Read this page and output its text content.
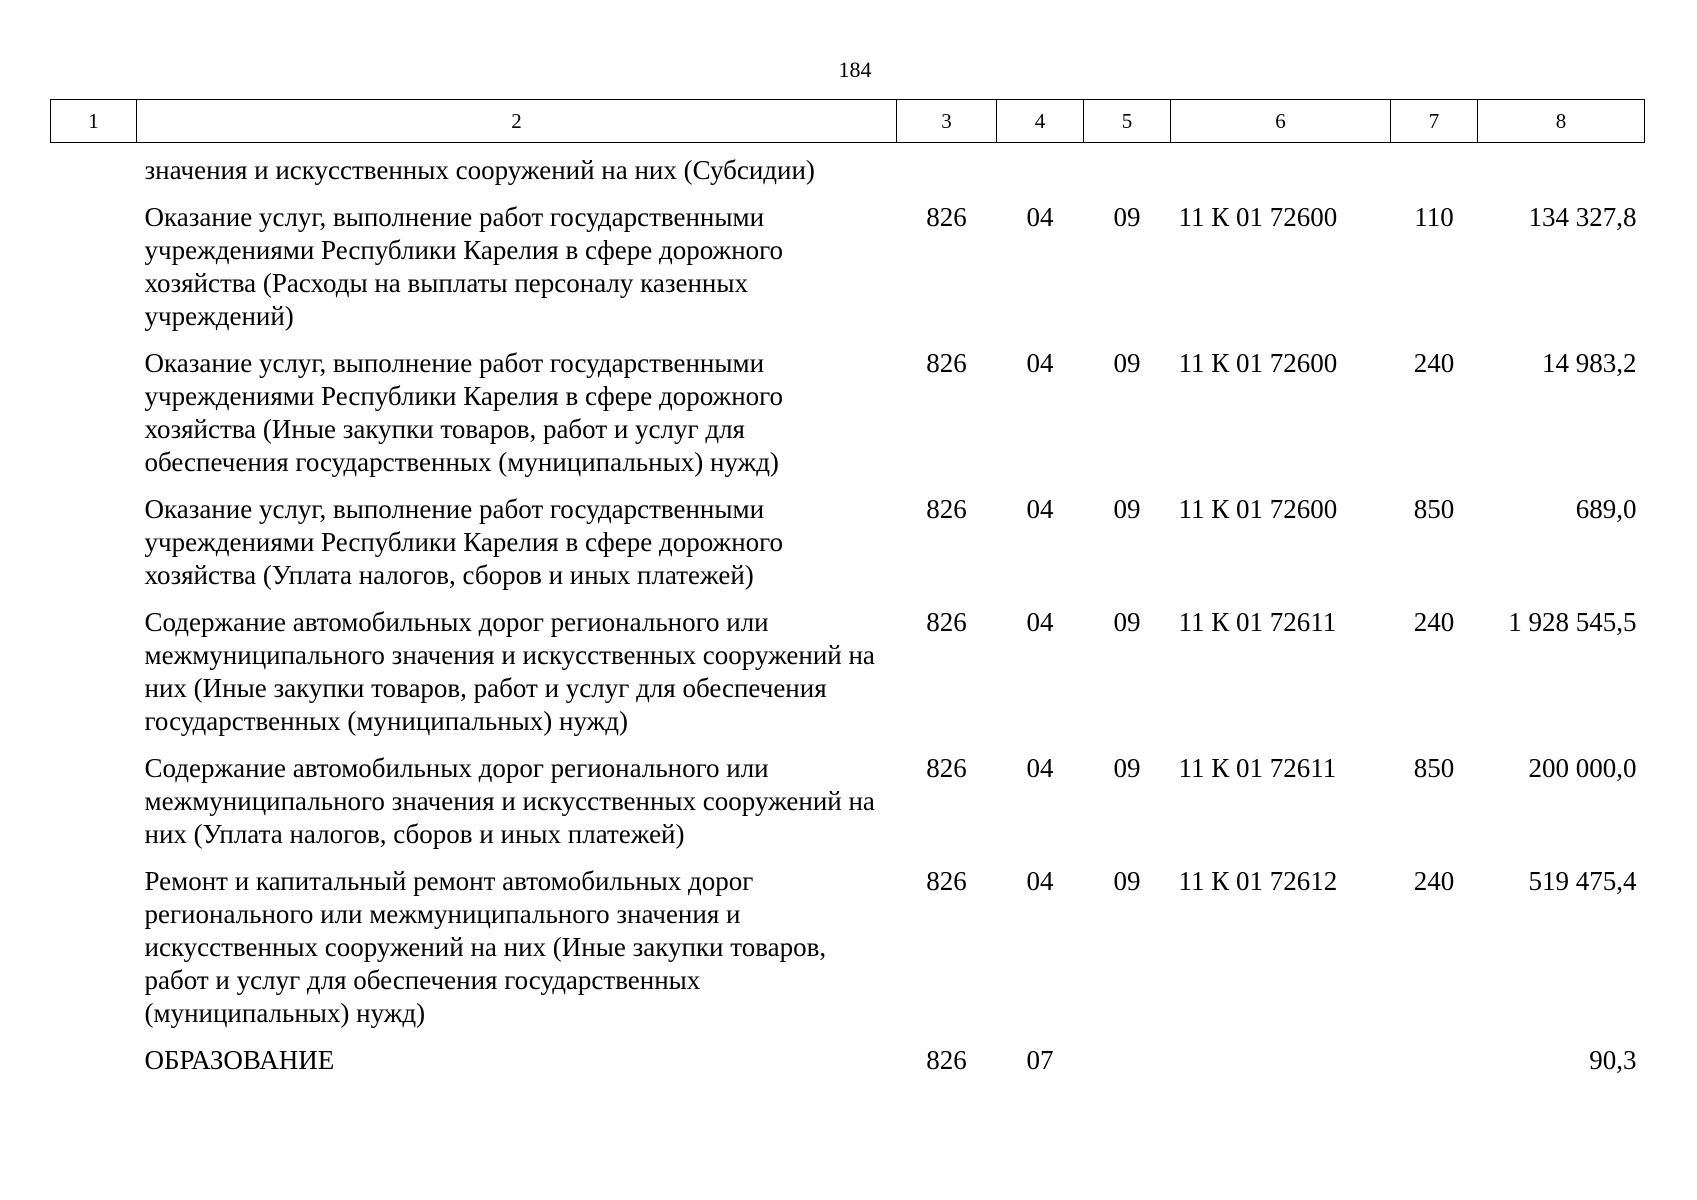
184
1	2	3	4	5	6	7	8
	значения и искусственных сооружений на них (Субсидии)						
	Оказание услуг, выполнение работ государственными учреждениями Республики Карелия в сфере дорожного хозяйства (Расходы на выплаты персоналу казенных учреждений)	826	04	09	11 К 01 72600	110	134 327,8
	Оказание услуг, выполнение работ государственными учреждениями Республики Карелия в сфере дорожного хозяйства (Иные закупки товаров, работ и услуг для обеспечения государственных (муниципальных) нужд)	826	04	09	11 К 01 72600	240	14 983,2
	Оказание услуг, выполнение работ государственными учреждениями Республики Карелия в сфере дорожного хозяйства (Уплата налогов, сборов и иных платежей)	826	04	09	11 К 01 72600	850	689,0
	Содержание автомобильных дорог регионального или межмуниципального значения и искусственных сооружений на них (Иные закупки товаров, работ и услуг для обеспечения государственных (муниципальных) нужд)	826	04	09	11 К 01 72611	240	1 928 545,5
	Содержание автомобильных дорог регионального или межмуниципального значения и искусственных сооружений на них (Уплата налогов, сборов и иных платежей)	826	04	09	11 К 01 72611	850	200 000,0
	Ремонт и капитальный ремонт автомобильных дорог регионального или межмуниципального значения и искусственных сооружений на них (Иные закупки товаров, работ и услуг для обеспечения государственных (муниципальных) нужд)	826	04	09	11 К 01 72612	240	519 475,4
	ОБРАЗОВАНИЕ	826	07				90,3
